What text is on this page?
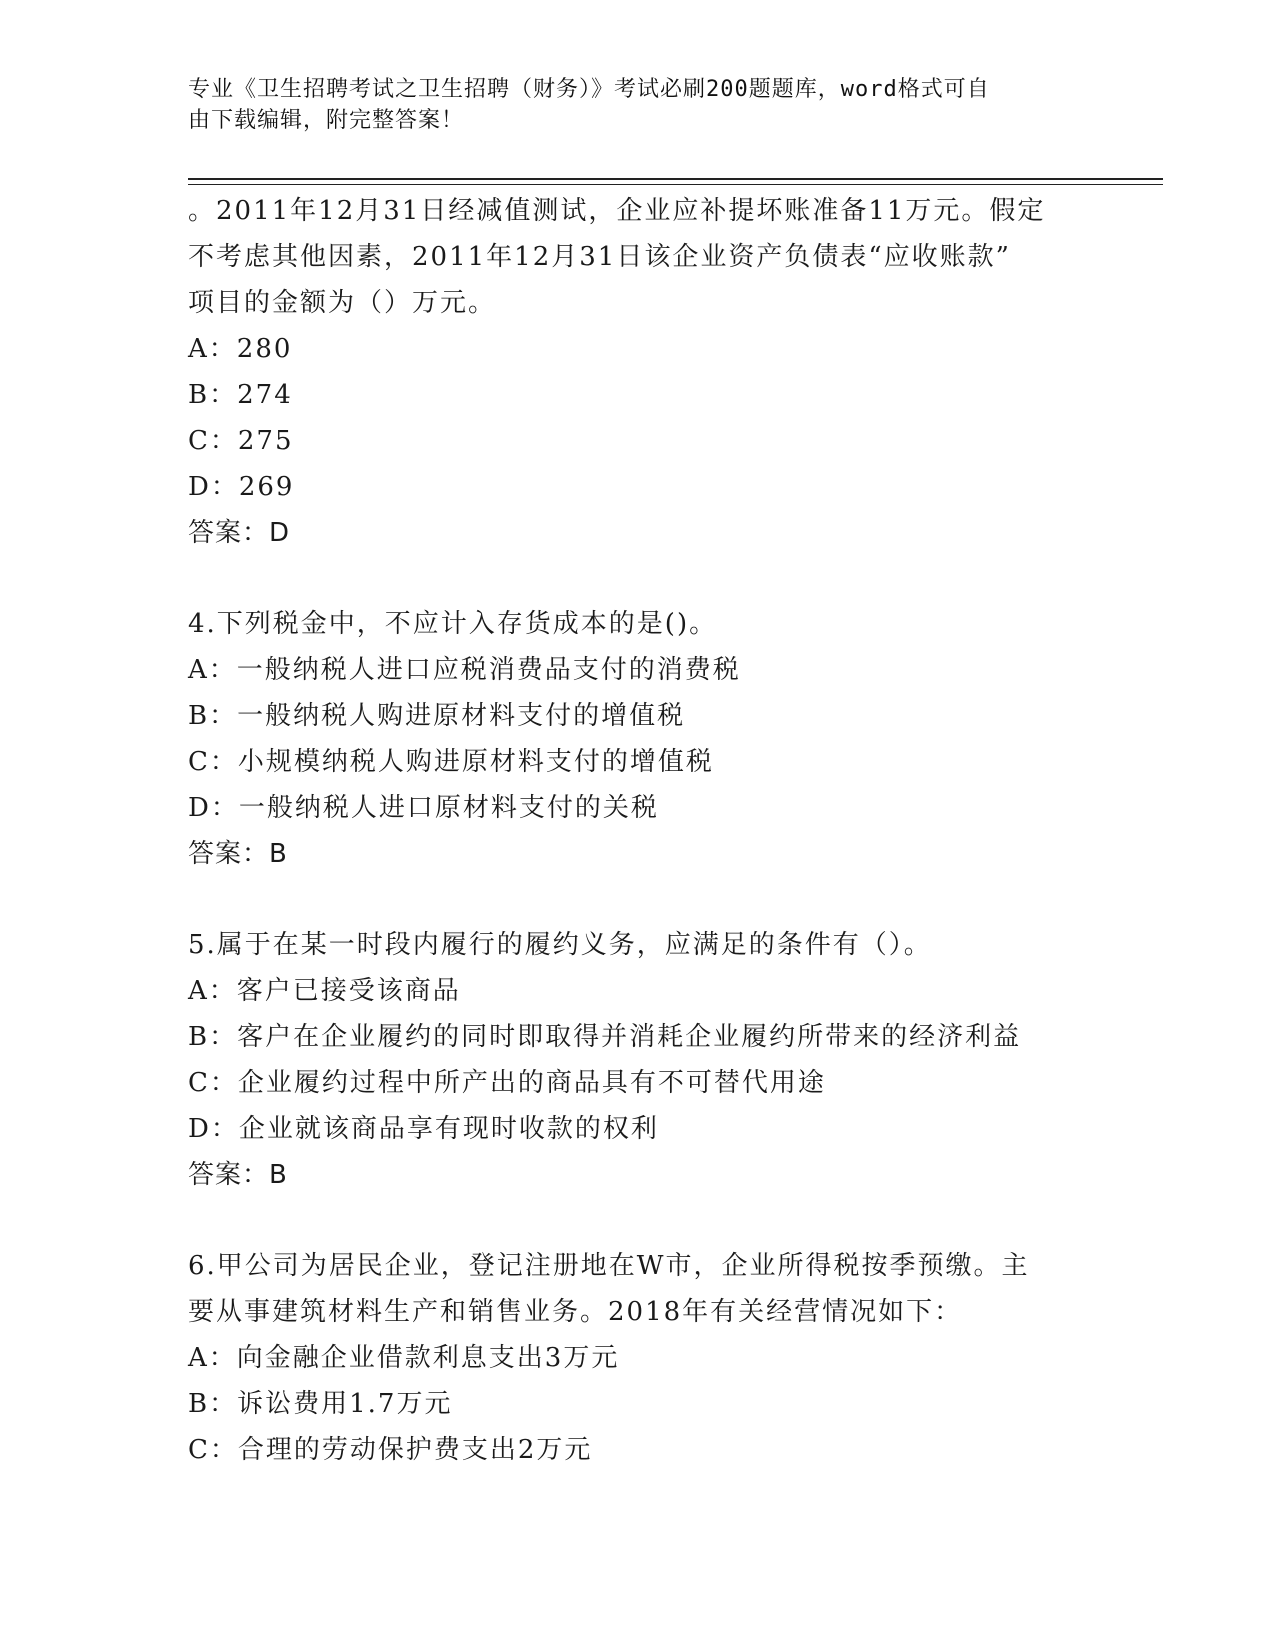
专业《卫生招聘考试之卫生招聘（财务）》考试必刷200题题库，word格式可自
由下载编辑，附完整答案！
。2011年12月31日经减值测试，企业应补提坏账准备11万元。假定
不考虑其他因素，2011年12月31日该企业资产负债表“应收账款”
项目的金额为（）万元。
A：280
B：274
C：275
D：269
答案：D
4.下列税金中，不应计入存货成本的是()。
A：一般纳税人进口应税消费品支付的消费税
B：一般纳税人购进原材料支付的增值税
C：小规模纳税人购进原材料支付的增值税
D：一般纳税人进口原材料支付的关税
答案：B
5.属于在某一时段内履行的履约义务，应满足的条件有（）。
A：客户已接受该商品
B：客户在企业履约的同时即取得并消耗企业履约所带来的经济利益
C：企业履约过程中所产出的商品具有不可替代用途
D：企业就该商品享有现时收款的权利
答案：B
6.甲公司为居民企业，登记注册地在W市，企业所得税按季预缴。主
要从事建筑材料生产和销售业务。2018年有关经营情况如下：
A：向金融企业借款利息支出3万元
B：诉讼费用1.7万元
C：合理的劳动保护费支出2万元
